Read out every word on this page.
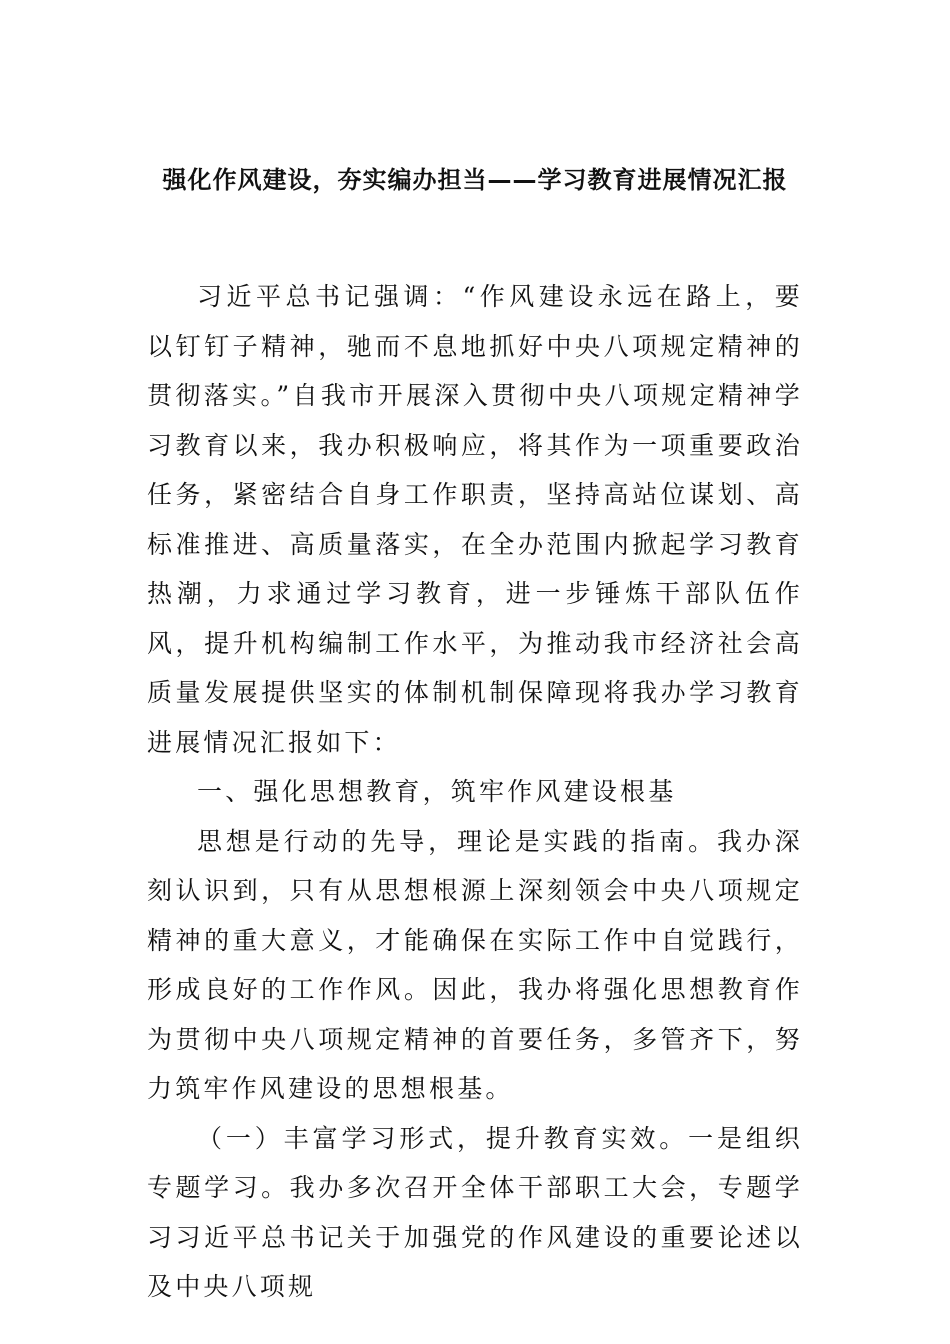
强化作风建设，夯实编办担当——学习教育进展情况汇报

习近平总书记强调：“作风建设永远在路上，要以钉钉子精神，驰而不息地抓好中央八项规定精神的贯彻落实。”自我市开展深入贯彻中央八项规定精神学习教育以来，我办积极响应，将其作为一项重要政治任务，紧密结合自身工作职责，坚持高站位谋划、高标准推进、高质量落实，在全办范围内掀起学习教育热潮，力求通过学习教育，进一步锤炼干部队伍作风，提升机构编制工作水平，为推动我市经济社会高质量发展提供坚实的体制机制保障现将我办学习教育进展情况汇报如下：

一、强化思想教育，筑牢作风建设根基

思想是行动的先导，理论是实践的指南。我办深刻认识到，只有从思想根源上深刻领会中央八项规定精神的重大意义，才能确保在实际工作中自觉践行，形成良好的工作作风。因此，我办将强化思想教育作为贯彻中央八项规定精神的首要任务，多管齐下，努力筑牢作风建设的思想根基。

（一）丰富学习形式，提升教育实效。一是组织专题学习。我办多次召开全体干部职工大会，专题学习习近平总书记关于加强党的作风建设的重要论述以及中央八项规
